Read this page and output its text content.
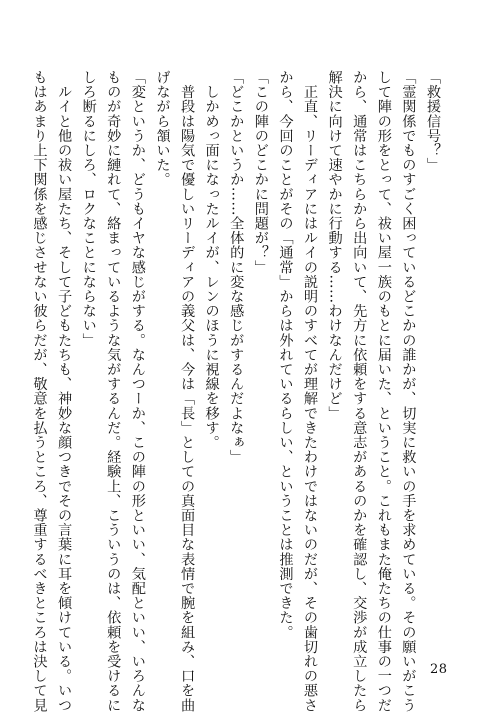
「救援信号？」

「霊関係でものすごく困っているどこかの誰かが、切実に救いの手を求めている。その願いがこう

して陣の形をとって、祓い屋一族のもとに届いた、ということ。これもまた俺たちの仕事の一つだ

から、通常はこちらから出向いて、先方に依頼をする意志があるのかを確認し、交渉が成立したら

解決に向けて速やかに行動する……わけなんだけど」

　正直、リーディアにはルイの説明のすべてが理解できたわけではないのだが、その歯切れの悪さ

から、今回のことがその「通常」からは外れているらしい、ということは推測できた。

「この陣のどこかに問題が？」

「どこかというか……全体的に変な感じがするんだよなぁ」

　しかめっ面になったルイが、レンのほうに視線を移す。

　普段は陽気で優しいリーディアの義父は、今は「長」としての真面目な表情で腕を組み、口を曲

げながら頷いた。

「変というか、どうもイヤな感じがする。なんつーか、この陣の形といい、気配といい、いろんな

ものが奇妙に縺れて、絡まっているような気がするんだ。経験上、こういうのは、依頼を受けるに

しろ断るにしろ、ロクなことにならない」

　ルイと他の祓い屋たち、そして子どもたちも、神妙な顔つきでその言葉に耳を傾けている。いつ

もはあまり上下関係を感じさせない彼らだが、敬意を払うところ、尊重するべきところは決して見	28
